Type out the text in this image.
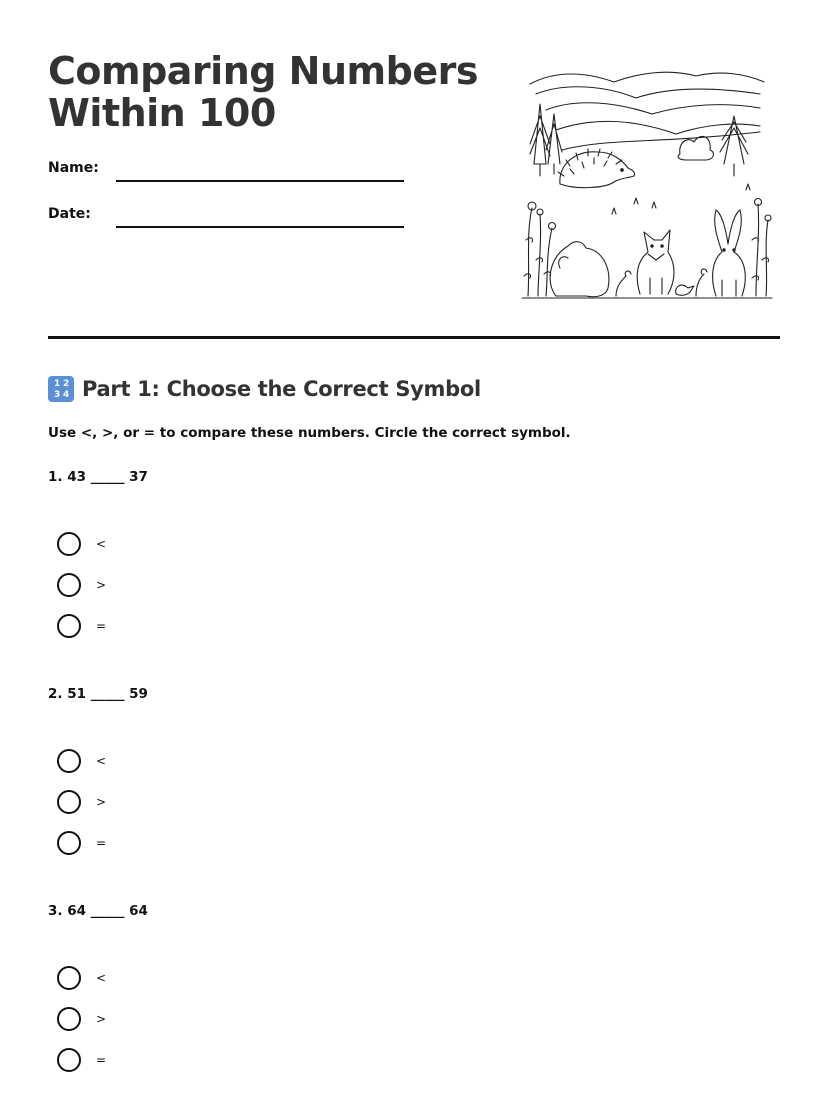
Comparing Numbers
Within 100
Name:
Date:
1 2
3 4 Part 1: Choose the Correct Symbol
Use <, >, or = to compare these numbers. Circle the correct symbol.
1. 43 _____ 37
<
>
=
2. 51 _____ 59
<
>
=
3. 64 _____ 64
<
>
=
